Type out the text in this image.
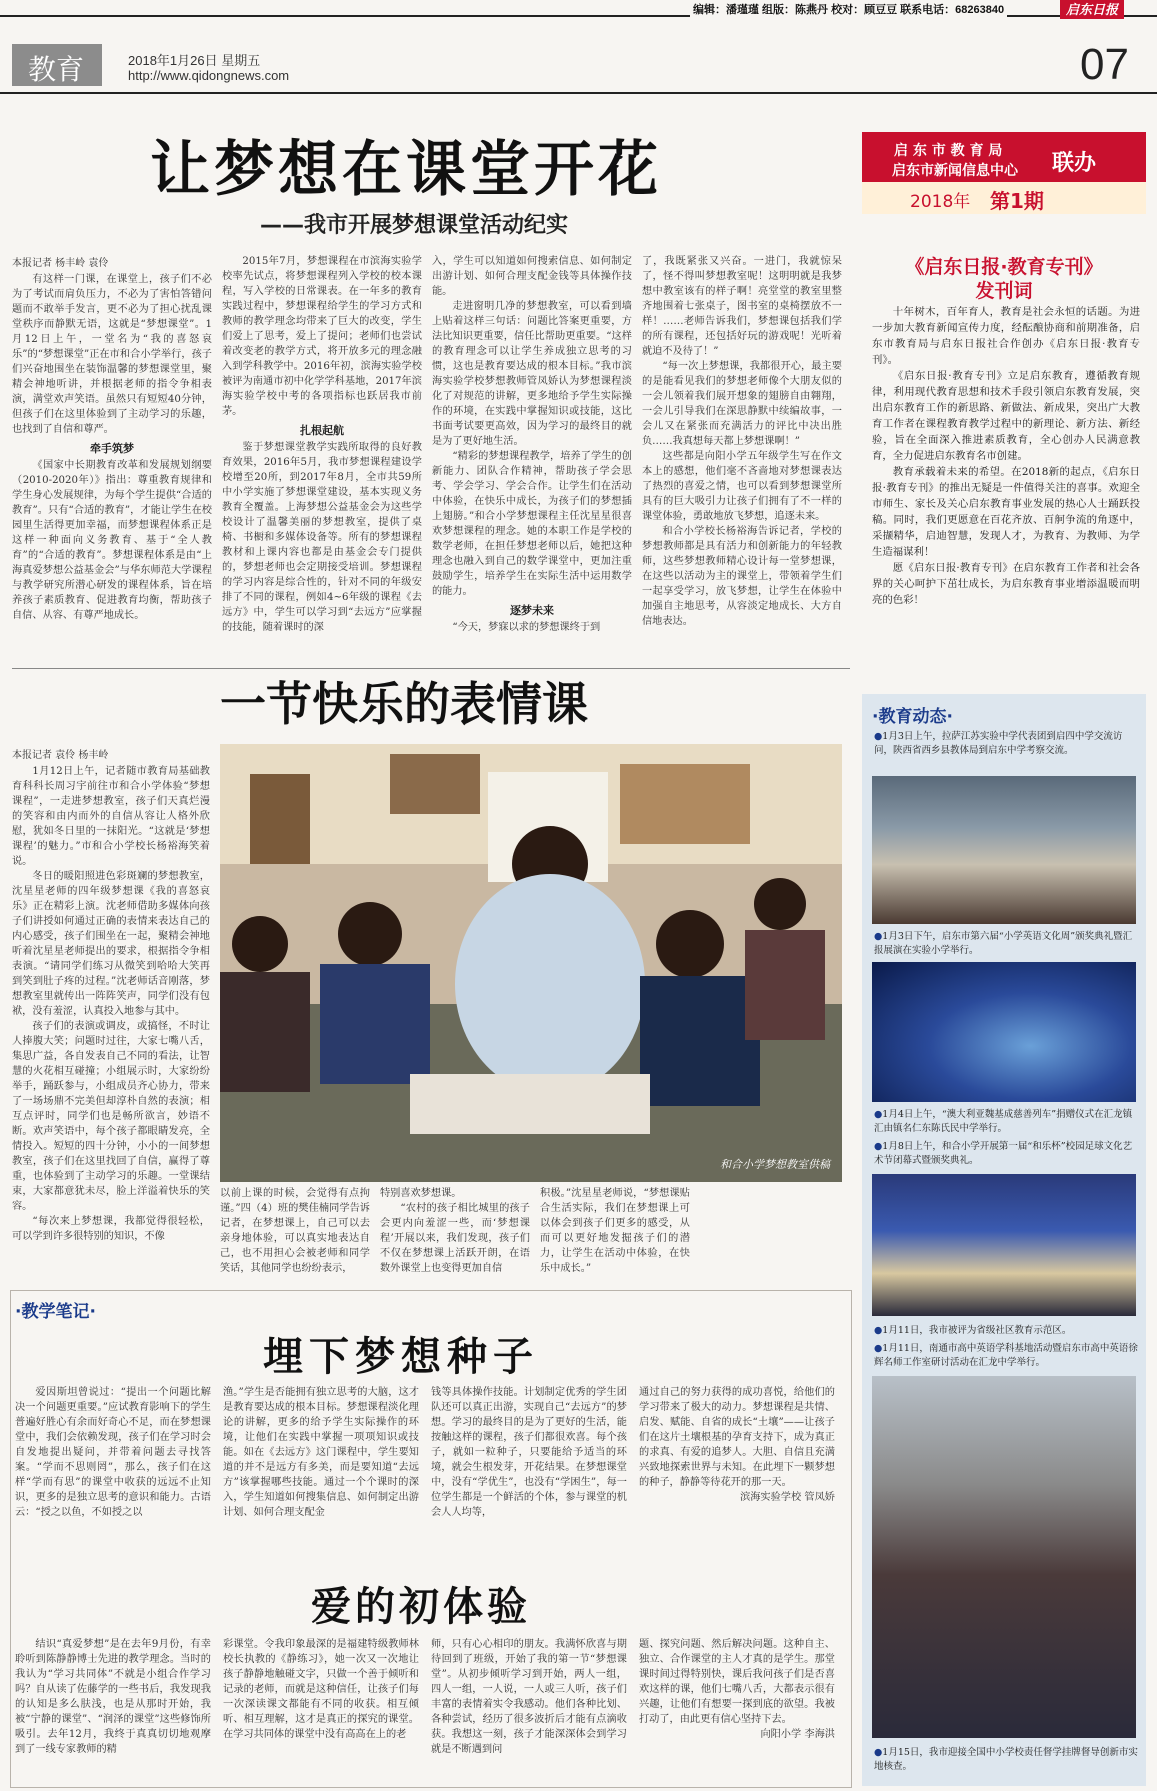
编辑：潘瑾瑾 组版：陈燕丹 校对：顾豆豆 联系电话：68263840	启东日报
教育	2018年1月26日 星期五
http://www.qidongnews.com	07
让梦想在课堂开花
——我市开展梦想课堂活动纪实
本报记者 杨丰岭 袁伶

有这样一门课，在课堂上，孩子们不必为了考试而肩负压力，不必为了害怕答错问题而不敢举手发言，更不必为了担心扰乱课堂秩序而静默无语，这就是“梦想课堂”。1月12日上午，一堂名为“我的喜怒哀乐”的“梦想课堂”正在市和合小学举行，孩子们兴奋地围坐在装饰温馨的梦想课堂里，聚精会神地听讲，并根据老师的指令争相表演，满堂欢声笑语。虽然只有短短40分钟，但孩子们在这里体验到了主动学习的乐趣，也找到了自信和尊严。

牵手筑梦

《国家中长期教育改革和发展规划纲要（2010-2020年）》指出：尊重教育规律和学生身心发展规律，为每个学生提供“合适的教育”。只有“合适的教育”，才能让学生在校园里生活得更加幸福，而梦想课程体系正是这样一种面向义务教育、基于“全人教育”的“合适的教育”。梦想课程体系是由“上海真爱梦想公益基金会”与华东师范大学课程与教学研究所潜心研发的课程体系，旨在培养孩子素质教育、促进教育均衡，帮助孩子自信、从容、有尊严地成长。

2015年7月，梦想课程在市滨海实验学校率先试点，将梦想课程列入学校的校本课程，写入学校的日常课表。在一年多的教育实践过程中，梦想课程给学生的学习方式和教师的教学理念均带来了巨大的改变，学生们爱上了思考，爱上了提问；老师们也尝试着改变老的教学方式，将开放多元的理念融入到学科教学中。2016年初，滨海实验学校被评为南通市初中化学学科基地，2017年滨海实验学校中考的各项指标也跃居我市前茅。

扎根起航

鉴于梦想课堂教学实践所取得的良好教育效果，2016年5月，我市梦想课程建设学校增至20所，到2017年8月，全市共59所中小学实施了梦想课堂建设，基本实现义务教育全覆盖。上海梦想公益基金会为这些学校设计了温馨美丽的梦想教室，提供了桌椅、书橱和多媒体设备等。所有的梦想课程教材和上课内容也都是由基金会专门提供的，梦想老师也会定期接受培训。梦想课程的学习内容是综合性的，针对不同的年级安排了不同的课程，例如4~6年级的课程《去远方》中，学生可以学习到“去远方”应掌握的技能，随着课时的深

入，学生可以知道如何搜索信息、如何制定出游计划、如何合理支配金钱等具体操作技能。

走进窗明几净的梦想教室，可以看到墙上贴着这样三句话：问题比答案更重要，方法比知识更重要，信任比帮助更重要。“这样的教育理念可以让学生养成独立思考的习惯，这也是教育要达成的根本目标。”我市滨海实验学校梦想教师管凤娇认为梦想课程淡化了对规范的讲解，更多地给予学生实际操作的环境，在实践中掌握知识或技能，这比书面考试要更高效，因为学习的最终目的就是为了更好地生活。

“精彩的梦想课程教学，培养了学生的创新能力、团队合作精神，帮助孩子学会思考、学会学习、学会合作。让学生们在活动中体验，在快乐中成长，为孩子们的梦想插上翅膀。”和合小学梦想课程主任沈星星很喜欢梦想课程的理念。她的本职工作是学校的数学老师，在担任梦想老师以后，她把这种理念也融入到自己的数学课堂中，更加注重鼓励学生，培养学生在实际生活中运用数学的能力。

逐梦未来

“今天，梦寐以求的梦想课终于到

了，我既紧张又兴奋。一进门，我就惊呆了，怪不得叫梦想教室呢！这明明就是我梦想中教室该有的样子啊！亮堂堂的教室里整齐地围着七张桌子，图书室的桌椅摆放不一样！……老师告诉我们，梦想课包括我们学的所有课程，还包括好玩的游戏呢！光听着就迫不及待了！”

“每一次上梦想课，我都很开心，最主要的是能看见我们的梦想老师像个大朋友似的一会儿领着我们展开想象的翅膀自由翱翔，一会儿引导我们在深思静默中续编故事，一会儿又在紧张而充满活力的评比中决出胜负……我真想每天都上梦想课啊！”

这些都是向阳小学五年级学生写在作文本上的感想，他们毫不吝啬地对梦想课表达了热烈的喜爱之情，也可以看到梦想课堂所具有的巨大吸引力让孩子们拥有了不一样的课堂体验，勇敢地放飞梦想，追逐未来。

和合小学校长杨裕海告诉记者，学校的梦想教师都是具有活力和创新能力的年轻教师，这些梦想教师精心设计每一堂梦想课，在这些以活动为主的课堂上，带领着学生们一起享受学习，放飞梦想，让学生在体验中加强自主地思考，从容淡定地成长、大方自信地表达。

启 东 市 教 育 局
启东市新闻信息中心 联办
2018年 第1期
《启东日报·教育专刊》
发刊词

十年树木，百年育人，教育是社会永恒的话题。为进一步加大教育新闻宣传力度，经酝酿协商和前期准备，启东市教育局与启东日报社合作创办《启东日报·教育专刊》。

《启东日报·教育专刊》立足启东教育，遵循教育规律，利用现代教育思想和技术手段引领启东教育发展，突出启东教育工作的新思路、新做法、新成果，突出广大教育工作者在课程教育教学过程中的新理论、新方法、新经验，旨在全面深入推进素质教育，全心创办人民满意教育，全力促进启东教育名市创建。

教育承载着未来的希望。在2018新的起点，《启东日报·教育专刊》的推出无疑是一件值得关注的喜事。欢迎全市师生、家长及关心启东教育事业发展的热心人士踊跃投稿。同时，我们更愿意在百花齐放、百舸争流的角逐中，采撷精华，启迪智慧，发现人才，为教育、为教师、为学生造福谋利！

愿《启东日报·教育专刊》在启东教育工作者和社会各界的关心呵护下茁壮成长，为启东教育事业增添温暖而明亮的色彩！

一节快乐的表情课
本报记者 袁伶 杨丰岭

1月12日上午，记者随市教育局基础教育科科长周习宇前往市和合小学体验“梦想课程”，一走进梦想教室，孩子们天真烂漫的笑容和由内而外的自信从容让人格外欣慰，犹如冬日里的一抹阳光。“这就是‘梦想课程’的魅力。”市和合小学校长杨裕海笑着说。

冬日的暖阳照进色彩斑斓的梦想教室，沈星星老师的四年级梦想课《我的喜怒哀乐》正在精彩上演。沈老师借助多媒体向孩子们讲授如何通过正确的表情来表达自己的内心感受，孩子们围坐在一起，聚精会神地听着沈星星老师提出的要求，根据指令争相表演。“请同学们练习从微笑到哈哈大笑再到笑到肚子疼的过程。”沈老师话音刚落，梦想教室里就传出一阵阵笑声，同学们没有包袱，没有羞涩，认真投入地参与其中。

孩子们的表演或调皮，或搞怪，不时让人捧腹大笑；问题时过往，大家七嘴八舌，集思广益，各自发表自己不同的看法，让智慧的火花相互碰撞；小组展示时，大家纷纷举手，踊跃参与，小组成员齐心协力，带来了一场场鼎不完美但却淳朴自然的表演；相互点评时，同学们也是畅所欲言，妙语不断。欢声笑语中，每个孩子都眼睛发亮，全情投入。短短的四十分钟，小小的一间梦想教室，孩子们在这里找回了自信，赢得了尊重，也体验到了主动学习的乐趣。一堂课结束，大家都意犹未尽，脸上洋溢着快乐的笑容。

“每次来上梦想课，我都觉得很轻松，可以学到许多很特别的知识，不像

和合小学梦想教室供稿

以前上课的时候，会觉得有点拘谨。”四（4）班的樊佳楠同学告诉记者，在梦想课上，自己可以去亲身地体验，可以真实地表达自己，也不用担心会被老师和同学笑话，其他同学也纷纷表示，

特别喜欢梦想课。

“农村的孩子相比城里的孩子会更内向羞涩一些，而‘梦想课程’开展以来，我们发现，孩子们不仅在梦想课上活跃开朗，在语数外课堂上也变得更加自信

积极。”沈星星老师说，“梦想课贴合生活实际，我们在梦想课上可以体会到孩子们更多的感受，从而可以更好地发掘孩子们的潜力，让学生在活动中体验，在快乐中成长。”

·教育动态·
●1月3日上午，拉萨江苏实验中学代表团到启四中学交流访问，陕西省西乡县教体局到启东中学考察交流。
●1月3日下午，启东市第六届“小学英语文化周”颁奖典礼暨汇报展演在实验小学举行。
●1月4日上午，“澳大利亚魏基成慈善列车”捐赠仪式在汇龙镇汇由镇名仁东陈氏民中学举行。
●1月8日上午，和合小学开展第一届“和乐杯”校园足球文化艺术节闭幕式暨颁奖典礼。
●1月11日，我市被评为省级社区教育示范区。
●1月11日，南通市高中英语学科基地活动暨启东市高中英语徐辉名师工作室研讨活动在汇龙中学举行。
●1月15日，我市迎接全国中小学校责任督学挂牌督导创新市实地核查。
·教学笔记·
埋下梦想种子

爱因斯坦曾说过：“提出一个问题比解决一个问题更重要。”应试教育影响下的学生普遍好胜心有余而好奇心不足，而在梦想课堂中，我们会依赖发现，孩子们在学习时会自发地提出疑问，并带着问题去寻找答案。“学而不思则罔”，那么，孩子们在这样“学而有思”的课堂中收获的远远不止知识，更多的是独立思考的意识和能力。古语云：“授之以鱼，不如授之以

渔。”学生是否能拥有独立思考的大脑，这才是教育要达成的根本目标。梦想课程淡化理论的讲解，更多的给予学生实际操作的环境，让他们在实践中掌握一项项知识或技能。如在《去远方》这门课程中，学生要知道的并不是远方有多美，而是要知道“去远方”该掌握哪些技能。通过一个个课时的深入，学生知道如何搜集信息、如何制定出游计划、如何合理支配金

钱等具体操作技能。计划制定优秀的学生团队还可以真正出游，实现自己“去远方”的梦想。学习的最终目的是为了更好的生活，能按触这样的课程，孩子们都很欢喜。每个孩子，就如一粒种子，只要能给予适当的环境，就会生根发芽，开花结果。在梦想课堂中，没有“学优生”，也没有“学困生”，每一位学生都是一个鲜活的个体，参与课堂的机会人人均等，

通过自己的努力获得的成功喜悦，给他们的学习带来了极大的动力。梦想课程是共情、启发、赋能、自省的成长“土壤”——让孩子们在这片土壤根基的孕育支持下，成为真正的求真、有爱的追梦人。大胆、自信且充满兴致地探索世界与未知。在此埋下一颗梦想的种子，静静等待花开的那一天。

滨海实验学校 管凤娇
爱的初体验

结识“真爱梦想”是在去年9月份，有幸聆听到陈静静博士先进的教学理念。当时的我认为“学习共同体”不就是小组合作学习吗？自从读了佐藤学的一些书后，我发现我的认知是多么肤浅，也是从那时开始，我被“宁静的课堂”、“润泽的课堂”这些修饰所吸引。去年12月，我终于真真切切地观摩到了一线专家教师的精

彩课堂。令我印象最深的是福建特级教师林校长执教的《静练习》，她一次又一次地让孩子静静地触碰文字，只做一个善于倾听和记录的老师，而就是这种信任，让孩子们每一次深读课文都能有不同的收获。相互倾听、相互理解，这才是真正的探究的课堂。在学习共同体的课堂中没有高高在上的老

师，只有心心相印的朋友。我满怀欣喜与期待回到了班级，开始了我的第一节“梦想课堂”。从初步倾听学习到开始，两人一组，四人一组，一人说，一人或三人听，孩子们丰富的表情着实令我感动。他们各种比划、各种尝试，经历了很多波折后才能有点滴收获。我想这一刻，孩子才能深深体会到学习就是不断遇到问

题、探究问题、然后解决问题。这种自主、独立、合作课堂的主人才真的是学生。那堂课时间过得特别快，课后我问孩子们是否喜欢这样的课，他们七嘴八舌，大都表示很有兴趣，让他们有想要一探到底的欲望。我被打动了，由此更有信心坚持下去。

向阳小学 李海洪
